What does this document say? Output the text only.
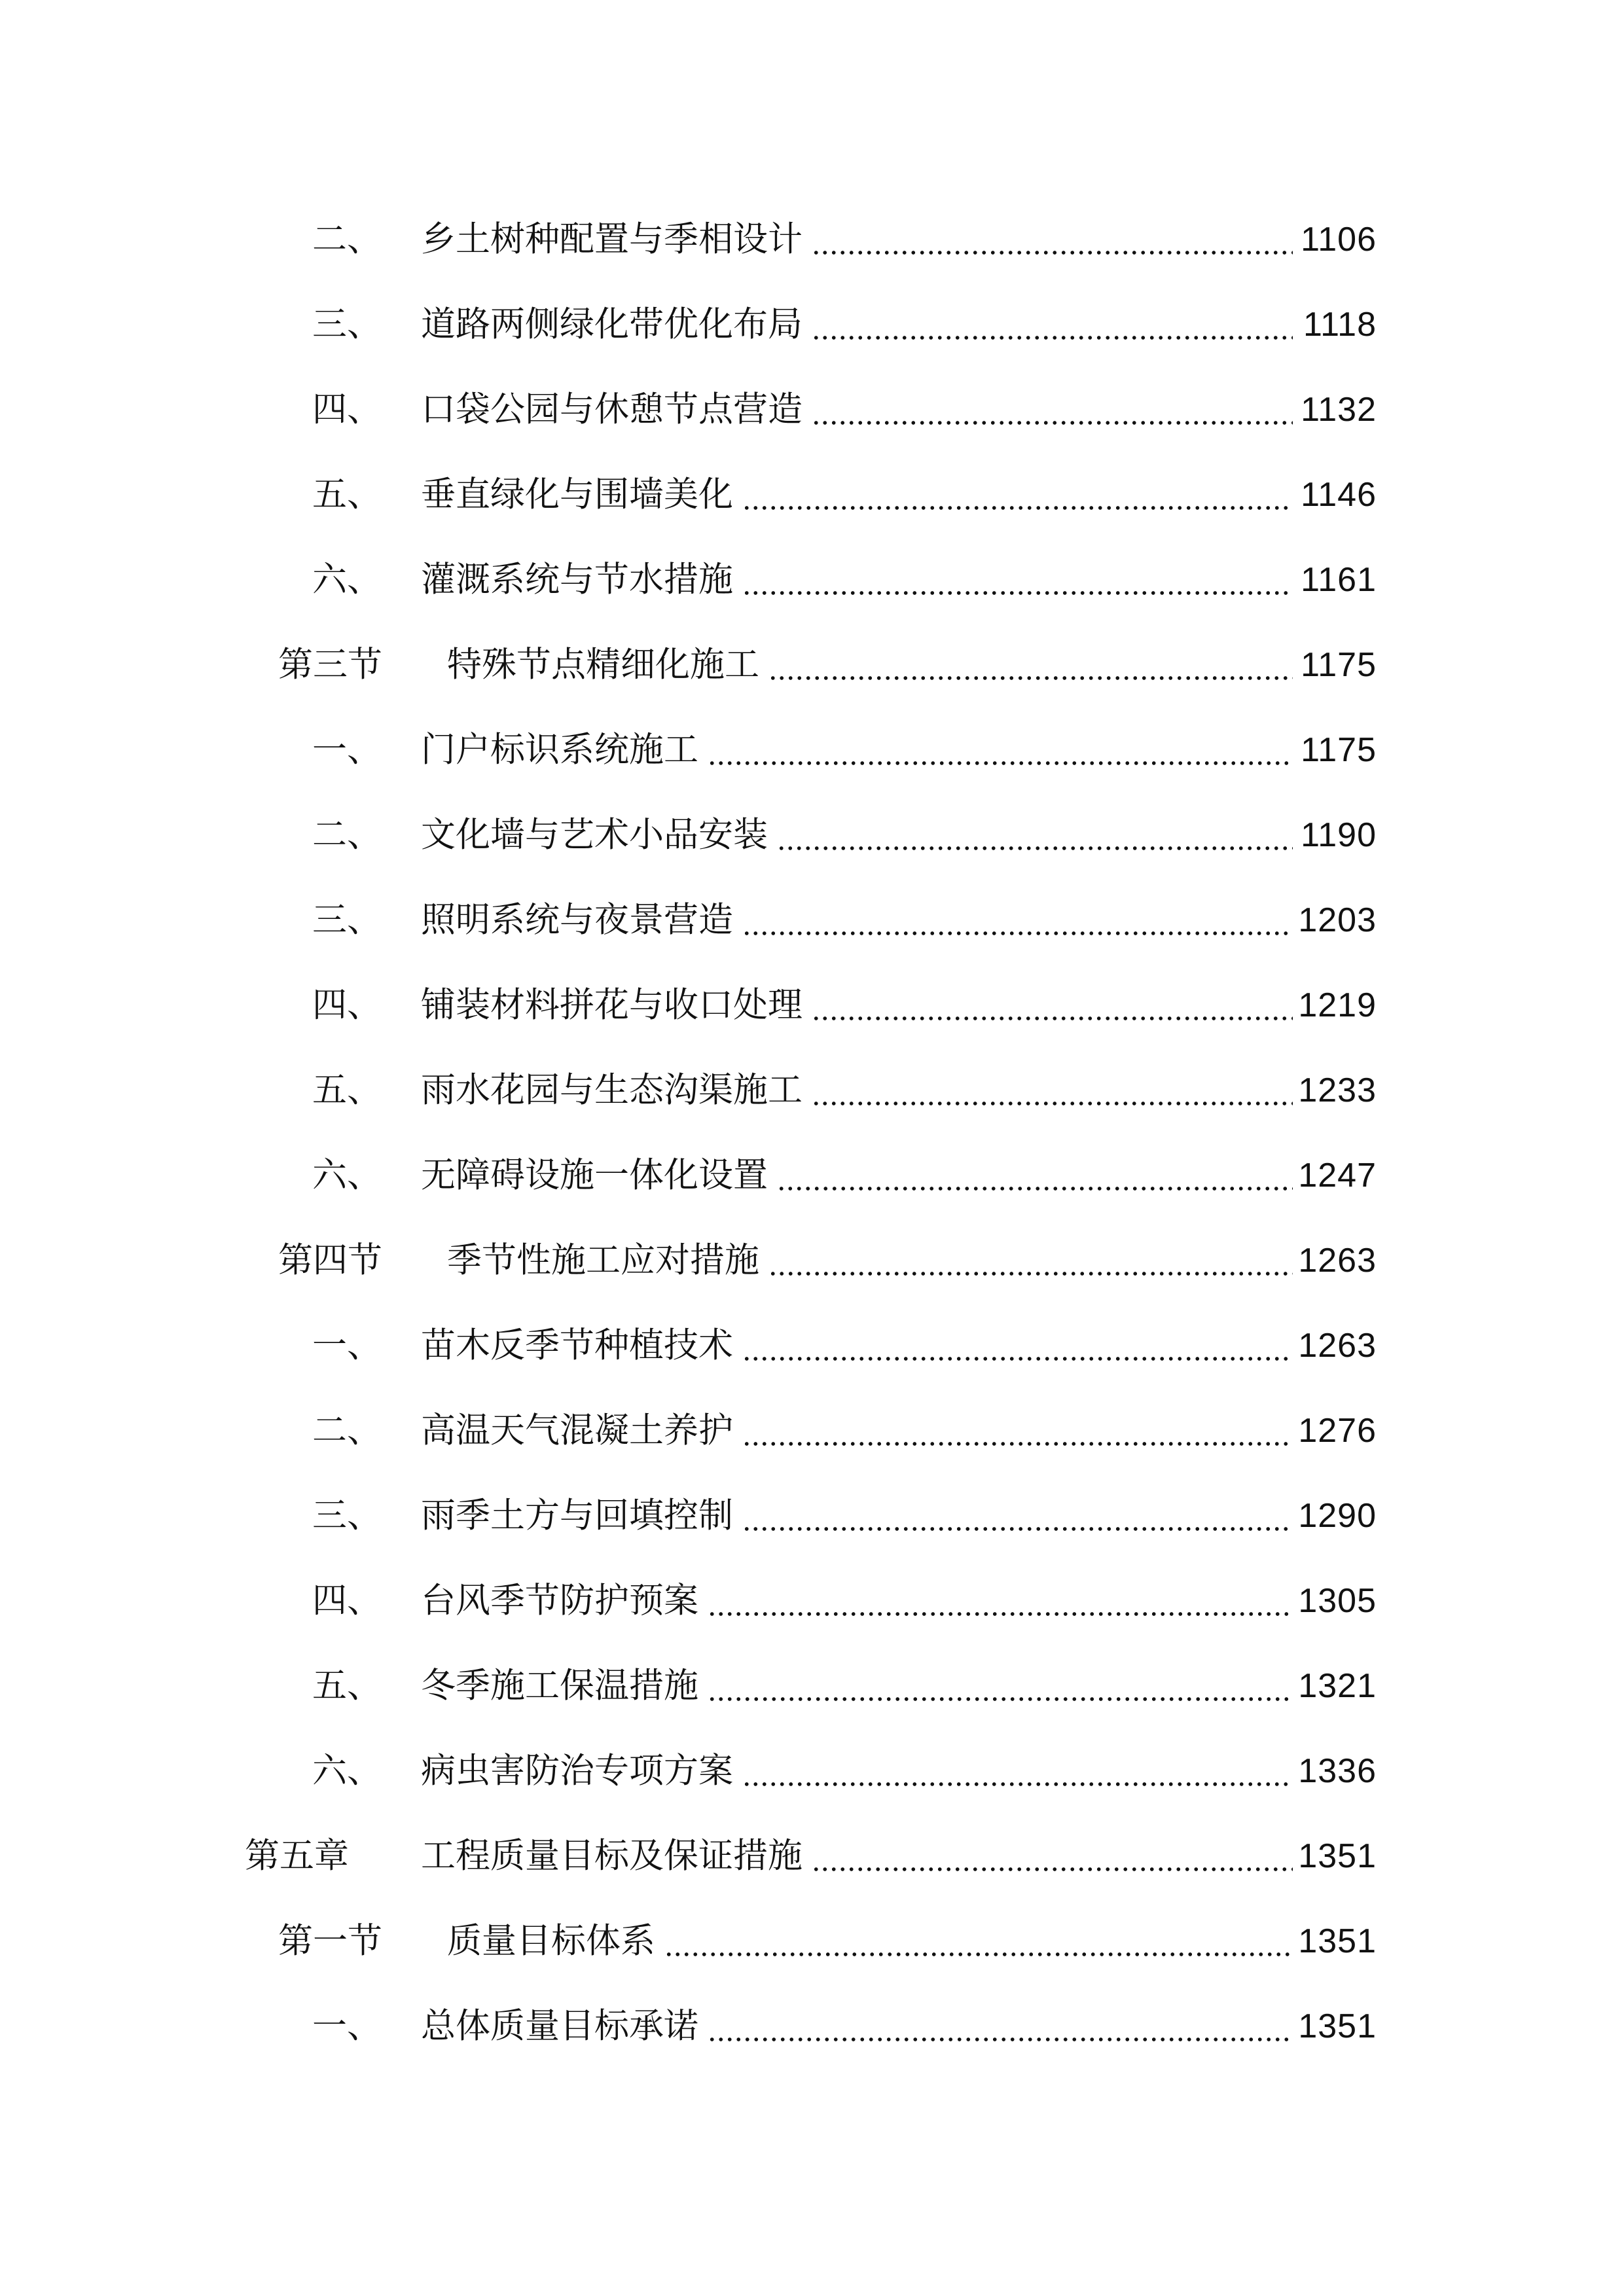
二、 乡土树种配置与季相设计	1106
三、 道路两侧绿化带优化布局	1118
四、 口袋公园与休憩节点营造	1132
五、 垂直绿化与围墙美化	1146
六、 灌溉系统与节水措施	1161
第三节 特殊节点精细化施工	1175
一、 门户标识系统施工	1175
二、 文化墙与艺术小品安装	1190
三、 照明系统与夜景营造	1203
四、 铺装材料拼花与收口处理	1219
五、 雨水花园与生态沟渠施工	1233
六、 无障碍设施一体化设置	1247
第四节 季节性施工应对措施	1263
一、 苗木反季节种植技术	1263
二、 高温天气混凝土养护	1276
三、 雨季土方与回填控制	1290
四、 台风季节防护预案	1305
五、 冬季施工保温措施	1321
六、 病虫害防治专项方案	1336
第五章 工程质量目标及保证措施	1351
第一节 质量目标体系	1351
一、 总体质量目标承诺	1351
